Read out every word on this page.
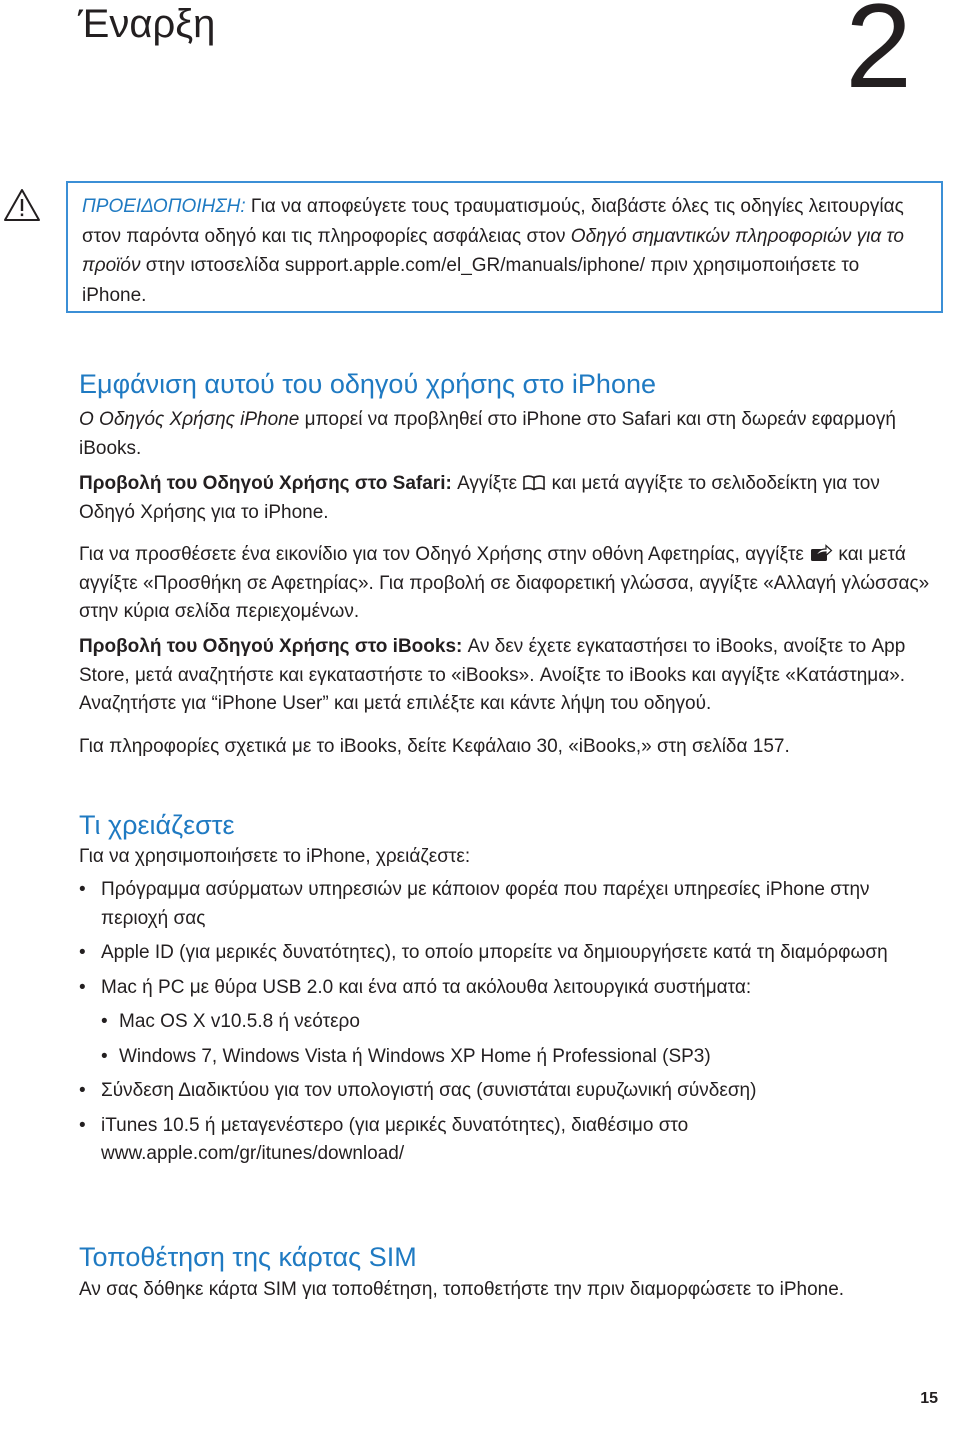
Έναρξη	2
ΠΡΟΕΙΔΟΠΟΙΗΣΗ: Για να αποφεύγετε τους τραυματισμούς, διαβάστε όλες τις οδηγίες λειτουργίας στον παρόντα οδηγό και τις πληροφορίες ασφάλειας στον Οδηγό σημαντικών πληροφοριών για το προϊόν στην ιστοσελίδα support.apple.com/el_GR/manuals/iphone/ πριν χρησιμοποιήσετε το iPhone.
Εμφάνιση αυτού του οδηγού χρήσης στο iPhone

Ο Οδηγός Χρήσης iPhone μπορεί να προβληθεί στο iPhone στο Safari και στη δωρεάν εφαρμογή iBooks.

Προβολή του Οδηγού Χρήσης στο Safari: Αγγίξτε  και μετά αγγίξτε το σελιδοδείκτη για τον Οδηγό Χρήσης για το iPhone.

Για να προσθέσετε ένα εικονίδιο για τον Οδηγό Χρήσης στην οθόνη Αφετηρίας, αγγίξτε  και μετά αγγίξτε «Προσθήκη σε Αφετηρίας». Για προβολή σε διαφορετική γλώσσα, αγγίξτε «Αλλαγή γλώσσας» στην κύρια σελίδα περιεχομένων.

Προβολή του Οδηγού Χρήσης στο iBooks: Αν δεν έχετε εγκαταστήσει το iBooks, ανοίξτε το App Store, μετά αναζητήστε και εγκαταστήστε το «iBooks». Ανοίξτε το iBooks και αγγίξτε «Κατάστημα». Αναζητήστε για “iPhone User” και μετά επιλέξτε και κάντε λήψη του οδηγού.

Για πληροφορίες σχετικά με το iBooks, δείτε Κεφάλαιο 30, «iBooks,» στη σελίδα 157.

Τι χρειάζεστε

Για να χρησιμοποιήσετε το iPhone, χρειάζεστε:

• Πρόγραμμα ασύρματων υπηρεσιών με κάποιον φορέα που παρέχει υπηρεσίες iPhone στην περιοχή σας
• Apple ID (για μερικές δυνατότητες), το οποίο μπορείτε να δημιουργήσετε κατά τη διαμόρφωση
• Mac ή PC με θύρα USB 2.0 και ένα από τα ακόλουθα λειτουργικά συστήματα:
• Mac OS X v10.5.8 ή νεότερο
• Windows 7, Windows Vista ή Windows XP Home ή Professional (SP3)
• Σύνδεση Διαδικτύου για τον υπολογιστή σας (συνιστάται ευρυζωνική σύνδεση)
• iTunes 10.5 ή μεταγενέστερο (για μερικές δυνατότητες), διαθέσιμο στο www.apple.com/gr/itunes/download/
Τοποθέτηση της κάρτας SIM

Αν σας δόθηκε κάρτα SIM για τοποθέτηση, τοποθετήστε την πριν διαμορφώσετε το iPhone.

15
